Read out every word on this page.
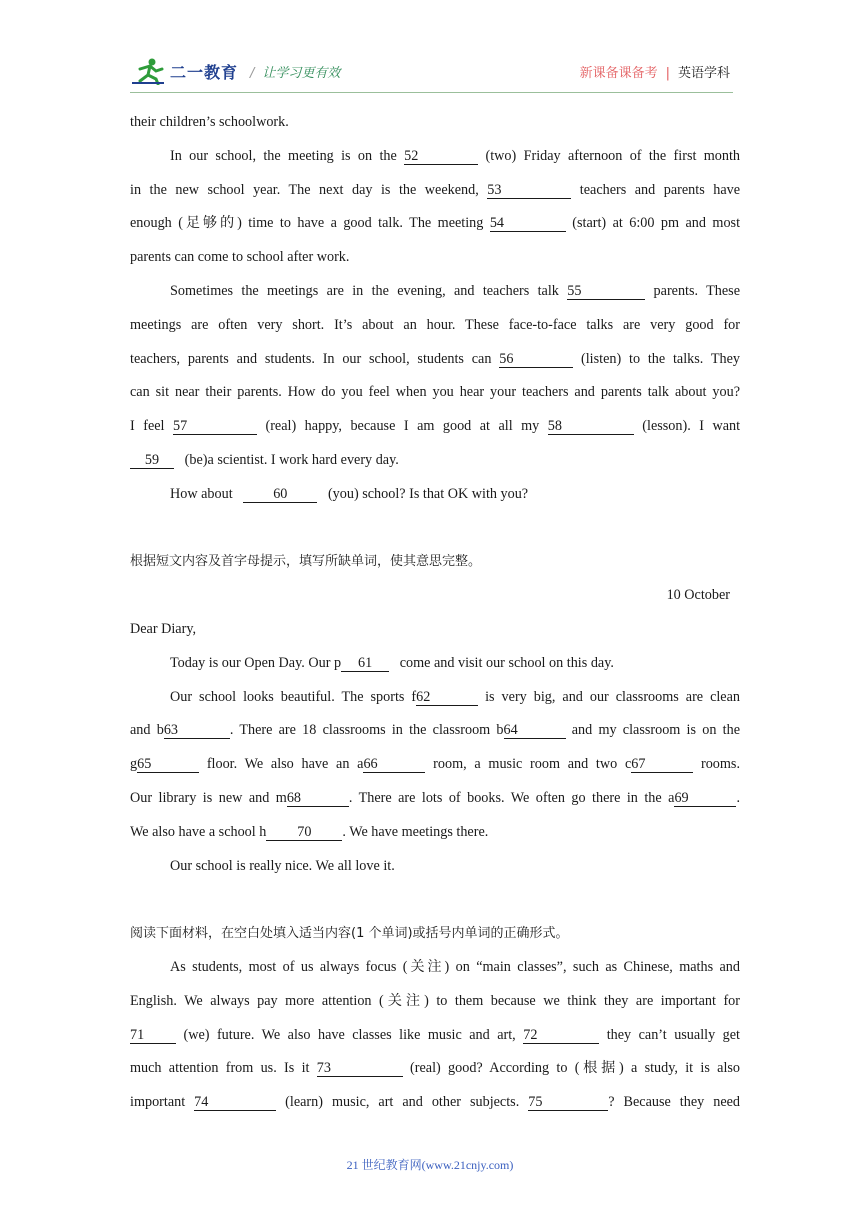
二一教育 / 让学习更有效	新课备课备考 | 英语学科
their children’s schoolwork.
In our school, the meeting is on the 52	(two) Friday afternoon of the first month
in the new school year. The next day is the weekend, 53	teachers and parents have
enough (足够的) time to have a good talk. The meeting 54	(start) at 6:00 pm and most
parents can come to school after work.
Sometimes the meetings are in the evening, and teachers talk 55	parents. These
meetings are often very short. It’s about an hour. These face-to-face talks are very good for
teachers, parents and students. In our school, students can 56	(listen) to the talks. They
can sit near their parents. How do you feel when you hear your teachers and parents talk about you?
I feel 57	(real) happy, because I am good at all my 58	(lesson). I want
59 (be)a scientist. I work hard every day.
How about	60	(you) school? Is that OK with you?
根据短文内容及首字母提示，填写所缺单词，使其意思完整。
10 October
Dear Diary,
Today is our Open Day. Our p 61 come and visit our school on this day.
Our school looks beautiful. The sports f62	is very big, and our classrooms are clean
and b63	. There are 18 classrooms in the classroom b64	and my classroom is on the
g65	floor. We also have an a66	room, a music room and two c67	rooms.
Our library is new and m68	. There are lots of books. We often go there in the a69	.
We also have a school h 70 . We have meetings there.
Our school is really nice. We all love it.
阅读下面材料，在空白处填入适当内容(1 个单词)或括号内单词的正确形式。
As students, most of us always focus (关注) on “main classes”, such as Chinese, maths and
English. We always pay more attention (关注) to them because we think they are important for
71	(we) future. We also have classes like music and art, 72	they can’t usually get
much attention from us. Is it 73	(real) good? According to (根据) a study, it is also
important 74	(learn) music, art and other subjects. 75	? Because they need
21 世纪教育网(www.21cnjy.com)
